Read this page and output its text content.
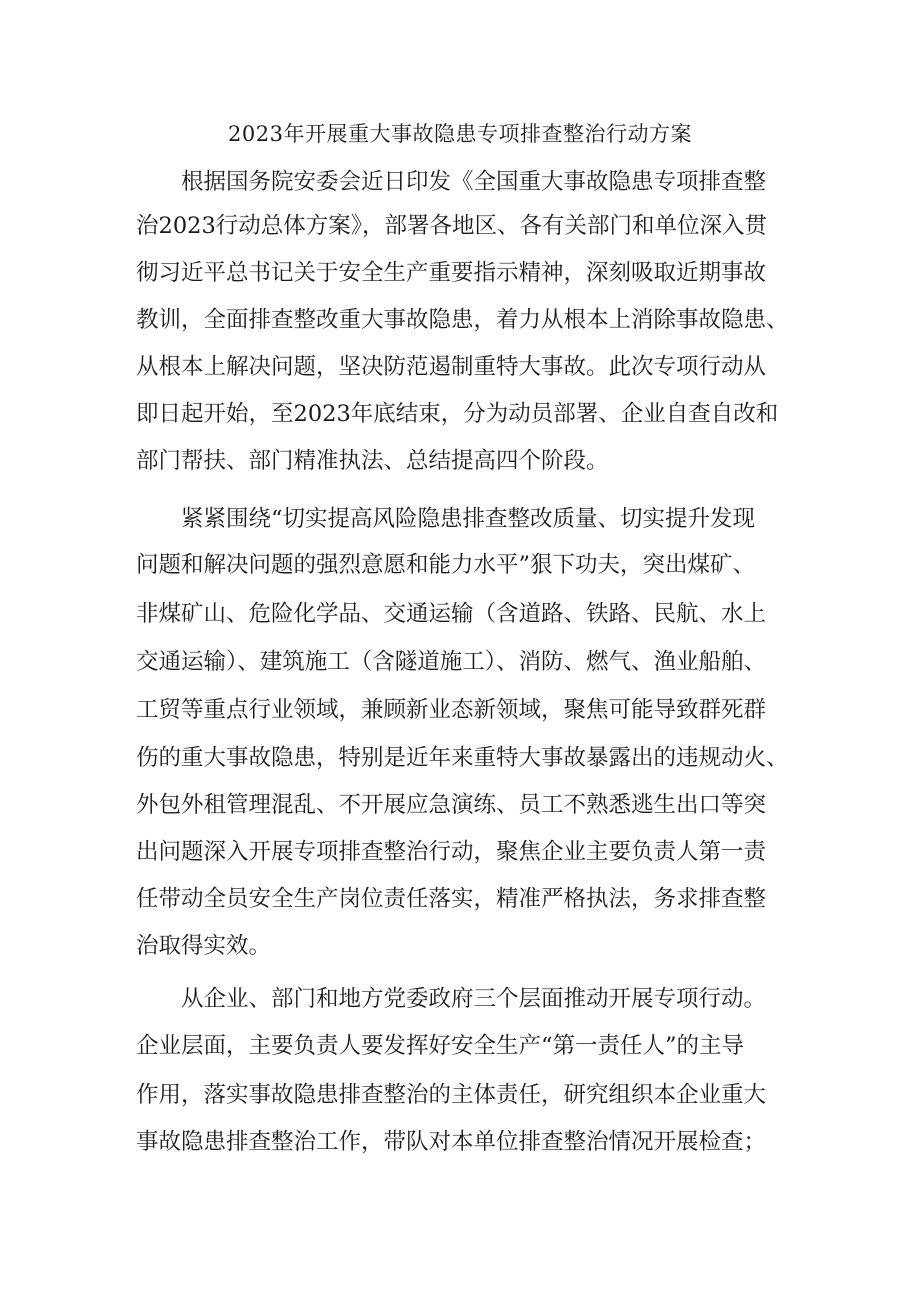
2023年开展重大事故隐患专项排查整治行动方案

根据国务院安委会近日印发《全国重大事故隐患专项排查整

治2023行动总体方案》，部署各地区、各有关部门和单位深入贯

彻习近平总书记关于安全生产重要指示精神，深刻吸取近期事故

教训，全面排查整改重大事故隐患，着力从根本上消除事故隐患、

从根本上解决问题，坚决防范遏制重特大事故。此次专项行动从

即日起开始，至2023年底结束，分为动员部署、企业自查自改和

部门帮扶、部门精准执法、总结提高四个阶段。

紧紧围绕“切实提高风险隐患排查整改质量、切实提升发现

问题和解决问题的强烈意愿和能力水平”狠下功夫，突出煤矿、

非煤矿山、危险化学品、交通运输（含道路、铁路、民航、水上

交通运输）、建筑施工（含隧道施工）、消防、燃气、渔业船舶、

工贸等重点行业领域，兼顾新业态新领域，聚焦可能导致群死群

伤的重大事故隐患，特别是近年来重特大事故暴露出的违规动火、

外包外租管理混乱、不开展应急演练、员工不熟悉逃生出口等突

出问题深入开展专项排查整治行动，聚焦企业主要负责人第一责

任带动全员安全生产岗位责任落实，精准严格执法，务求排查整

治取得实效。

从企业、部门和地方党委政府三个层面推动开展专项行动。

企业层面，主要负责人要发挥好安全生产“第一责任人”的主导

作用，落实事故隐患排查整治的主体责任，研究组织本企业重大

事故隐患排查整治工作，带队对本单位排查整治情况开展检查；
